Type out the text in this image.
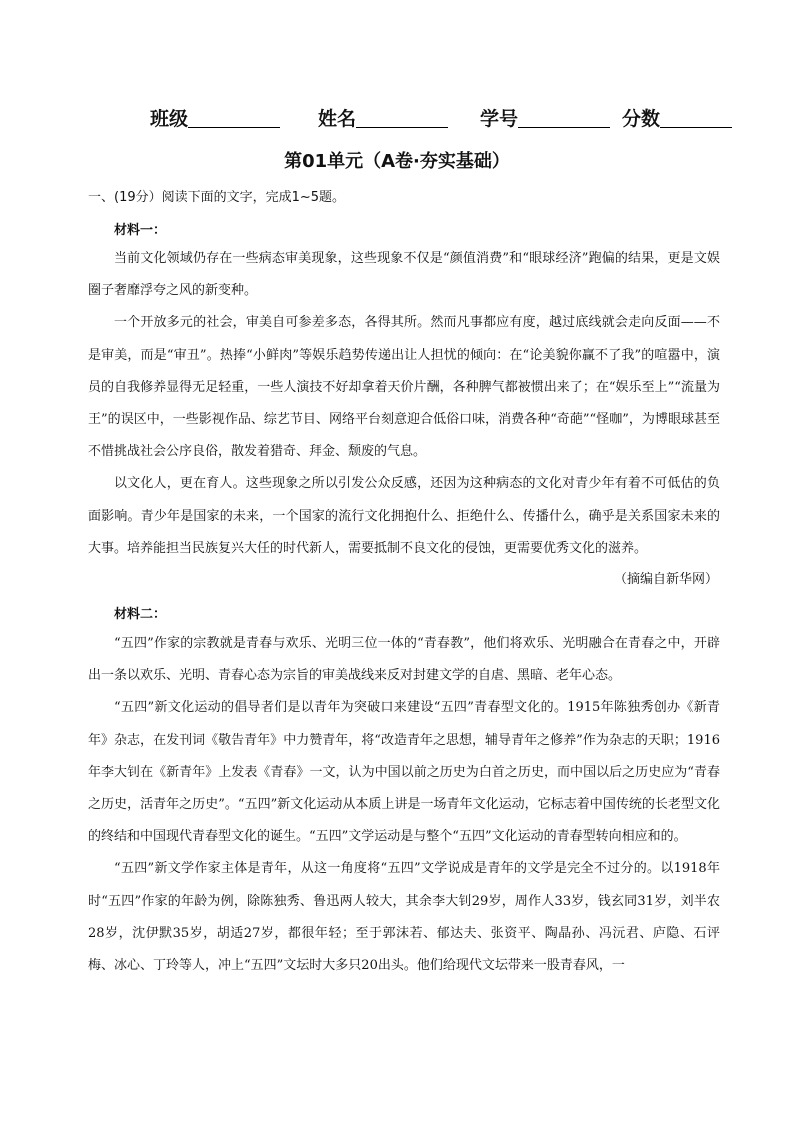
班级	姓名	学号	分数
第01单元（A卷·夯实基础）
一、(19分）阅读下面的文字，完成1~5题。
材料一：

当前文化领域仍存在一些病态审美现象，这些现象不仅是“颜值消费”和“眼球经济”跑偏的结果，更是文娱圈子奢靡浮夸之风的新变种。

一个开放多元的社会，审美自可参差多态，各得其所。然而凡事都应有度，越过底线就会走向反面——不是审美，而是“审丑”。热捧“小鲜肉”等娱乐趋势传递出让人担忧的倾向：在“论美貌你赢不了我”的喧嚣中，演员的自我修养显得无足轻重，一些人演技不好却拿着天价片酬，各种脾气都被惯出来了；在“娱乐至上”“流量为王”的误区中，一些影视作品、综艺节目、网络平台刻意迎合低俗口味，消费各种“奇葩”“怪咖”，为博眼球甚至不惜挑战社会公序良俗，散发着猎奇、拜金、颓废的气息。

以文化人，更在育人。这些现象之所以引发公众反感，还因为这种病态的文化对青少年有着不可低估的负面影响。青少年是国家的未来，一个国家的流行文化拥抱什么、拒绝什么、传播什么，确乎是关系国家未来的大事。培养能担当民族复兴大任的时代新人，需要抵制不良文化的侵蚀，更需要优秀文化的滋养。

（摘编自新华网）
材料二：

“五四”作家的宗教就是青春与欢乐、光明三位一体的“青春教”，他们将欢乐、光明融合在青春之中，开辟出一条以欢乐、光明、青春心态为宗旨的审美战线来反对封建文学的自虐、黑暗、老年心态。

“五四”新文化运动的倡导者们是以青年为突破口来建设“五四”青春型文化的。1915年陈独秀创办《新青年》杂志，在发刊词《敬告青年》中力赞青年，将“改造青年之思想，辅导青年之修养”作为杂志的天职；1916年李大钊在《新青年》上发表《青春》一文，认为中国以前之历史为白首之历史，而中国以后之历史应为“青春之历史，活青年之历史”。“五四”新文化运动从本质上讲是一场青年文化运动，它标志着中国传统的长老型文化的终结和中国现代青春型文化的诞生。“五四”文学运动是与整个“五四”文化运动的青春型转向相应和的。

“五四”新文学作家主体是青年，从这一角度将“五四”文学说成是青年的文学是完全不过分的。以1918年时“五四”作家的年龄为例，除陈独秀、鲁迅两人较大，其余李大钊29岁，周作人33岁，钱玄同31岁，刘半农28岁，沈伊默35岁，胡适27岁，都很年轻；至于郭沫若、郁达夫、张资平、陶晶孙、冯沅君、庐隐、石评梅、冰心、丁玲等人，冲上“五四”文坛时大多只20出头。他们给现代文坛带来一股青春风，一
